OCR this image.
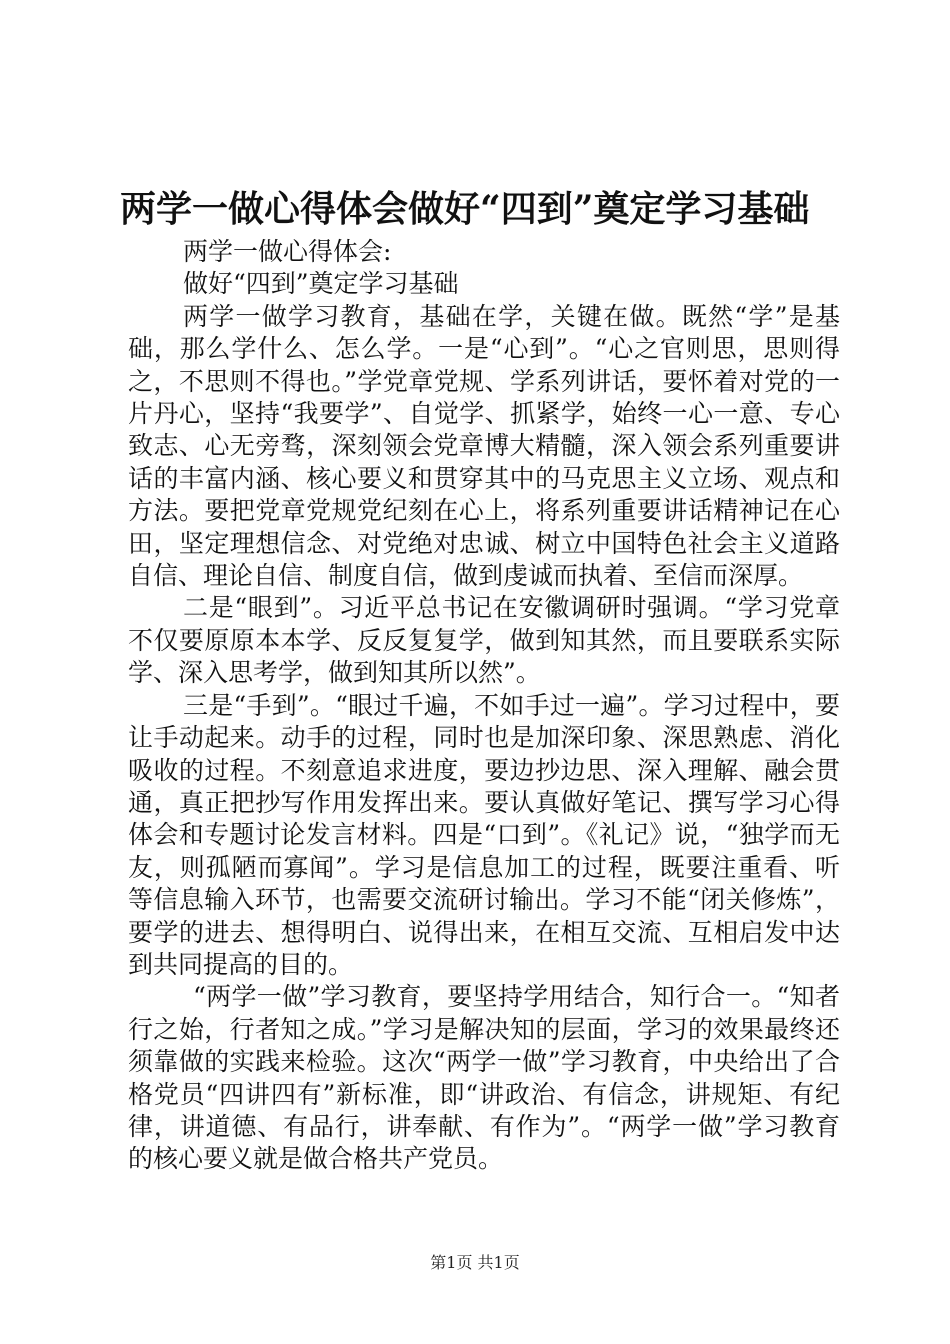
两学一做心得体会做好“四到”奠定学习基础

两学一做心得体会:

做好“四到”奠定学习基础

两学一做学习教育，基础在学，关键在做。既然“学”是基础，那么学什么、怎么学。一是“心到”。“心之官则思，思则得之，不思则不得也。”学党章党规、学系列讲话，要怀着对党的一片丹心，坚持“我要学”、自觉学、抓紧学，始终一心一意、专心致志、心无旁骛，深刻领会党章博大精髓，深入领会系列重要讲话的丰富内涵、核心要义和贯穿其中的马克思主义立场、观点和方法。要把党章党规党纪刻在心上，将系列重要讲话精神记在心田，坚定理想信念、对党绝对忠诚、树立中国特色社会主义道路自信、理论自信、制度自信，做到虔诚而执着、至信而深厚。

二是“眼到”。习近平总书记在安徽调研时强调。“学习党章不仅要原原本本学、反反复复学，做到知其然，而且要联系实际学、深入思考学，做到知其所以然”。

三是“手到”。“眼过千遍，不如手过一遍”。学习过程中，要让手动起来。动手的过程，同时也是加深印象、深思熟虑、消化吸收的过程。不刻意追求进度，要边抄边思、深入理解、融会贯通，真正把抄写作用发挥出来。要认真做好笔记、撰写学习心得体会和专题讨论发言材料。四是“口到”。《礼记》说，“独学而无友，则孤陋而寡闻”。学习是信息加工的过程，既要注重看、听等信息输入环节，也需要交流研讨输出。学习不能“闭关修炼”，要学的进去、想得明白、说得出来，在相互交流、互相启发中达到共同提高的目的。

“两学一做”学习教育，要坚持学用结合，知行合一。“知者行之始，行者知之成。”学习是解决知的层面，学习的效果最终还须靠做的实践来检验。这次“两学一做”学习教育，中央给出了合格党员“四讲四有”新标准，即“讲政治、有信念，讲规矩、有纪律，讲道德、有品行，讲奉献、有作为”。“两学一做”学习教育的核心要义就是做合格共产党员。

第1页 共1页
